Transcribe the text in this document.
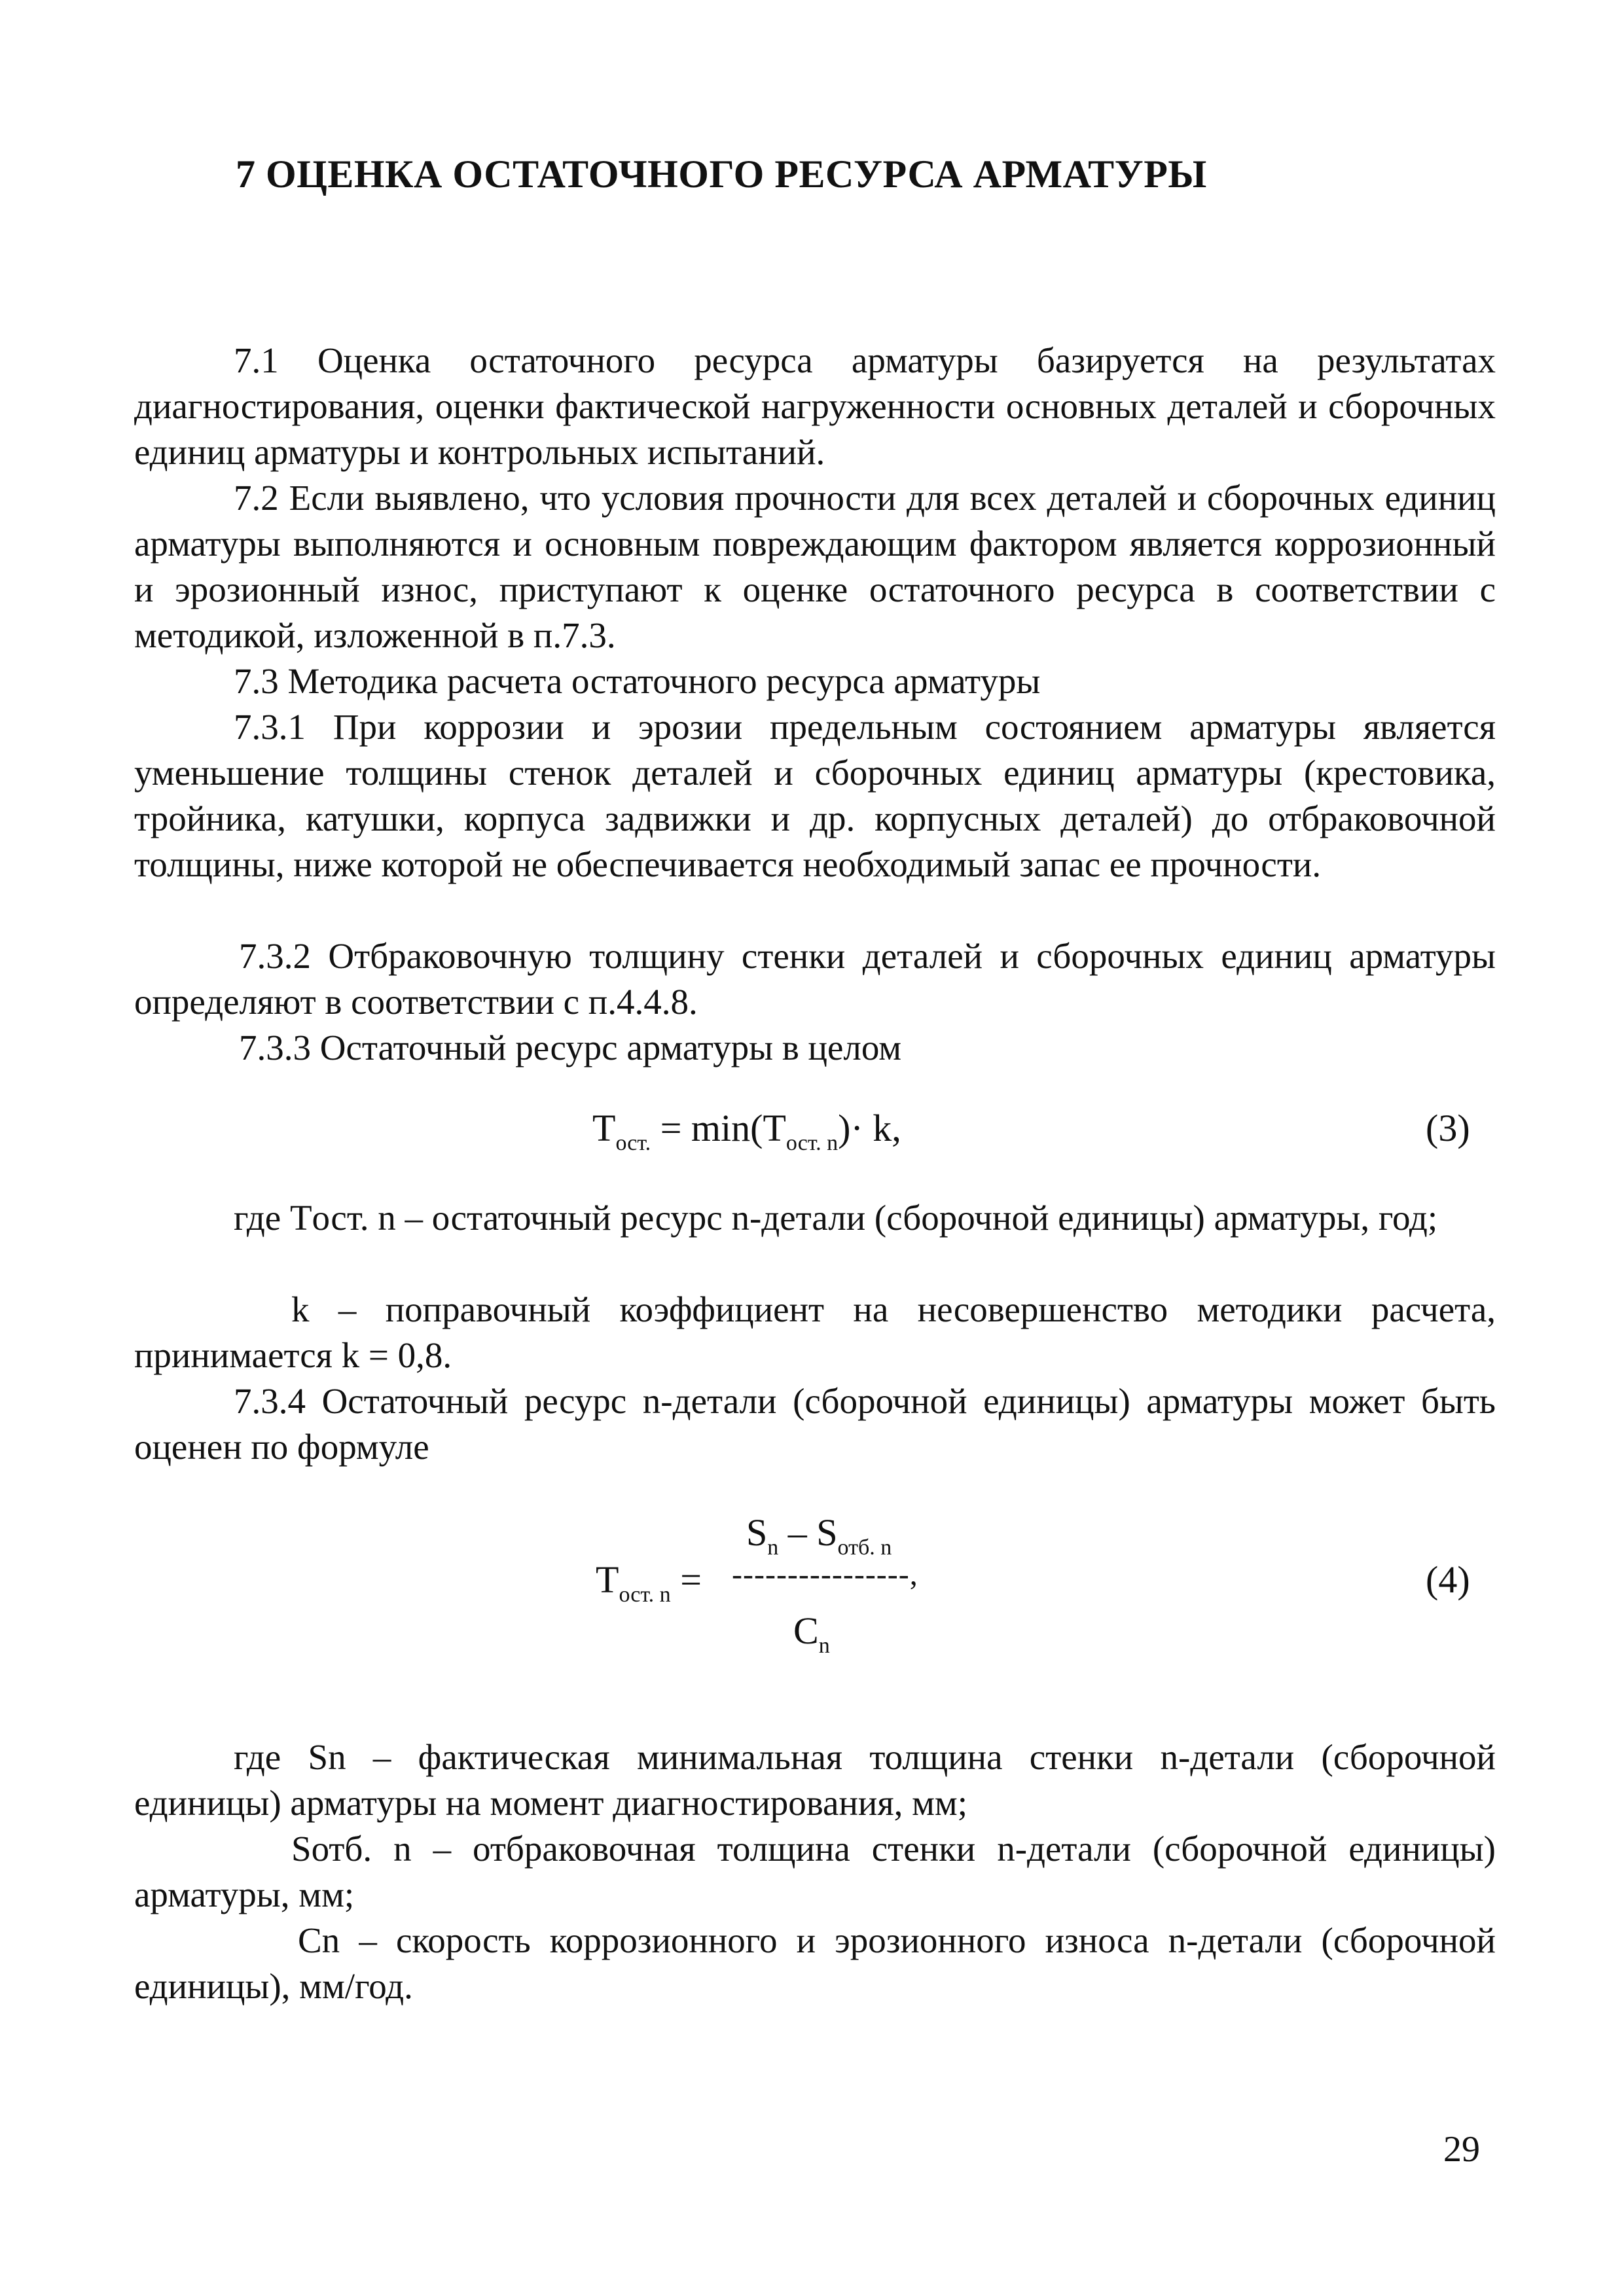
7 ОЦЕНКА ОСТАТОЧНОГО РЕСУРСА АРМАТУРЫ
7.1 Оценка остаточного ресурса арматуры базируется на результатах диагностирования, оценки фактической нагруженности основных деталей и сборочных единиц арматуры и контрольных испытаний.
7.2 Если выявлено, что условия прочности для всех деталей и сборочных единиц арматуры выполняются и основным повреждающим фактором является коррозионный и эрозионный износ, приступают к оценке остаточного ресурса в соответствии с методикой, изложенной в п.7.3.
7.3 Методика расчета остаточного ресурса арматуры
7.3.1 При коррозии и эрозии предельным состоянием арматуры является уменьшение толщины стенок деталей и сборочных единиц арматуры (крестовика, тройника, катушки, корпуса задвижки и др. корпусных деталей) до отбраковочной толщины, ниже которой не обеспечивается необходимый запас ее прочности.
7.3.2 Отбраковочную толщину стенки деталей и сборочных единиц арматуры определяют в соответствии с п.4.4.8.
7.3.3 Остаточный ресурс арматуры в целом
$T_{ост.} = \min(T_{ост. n})\cdot k$,	(3)
где Tост. n – остаточный ресурс n-детали (сборочной единицы) арматуры, год;
k – поправочный коэффициент на несовершенство методики расчета, принимается k = 0,8.
7.3.4 Остаточный ресурс n-детали (сборочной единицы) арматуры может быть оценен по формуле
$S_n - S_{отб. n}$
$T_{ост. n}$ = ----------------,
$C_n$
(4)
где Sn – фактическая минимальная толщина стенки n-детали (сборочной единицы) арматуры на момент диагностирования, мм;
Sотб. n – отбраковочная толщина стенки n-детали (сборочной единицы) арматуры, мм;
Cn – скорость коррозионного и эрозионного износа n-детали (сборочной единицы), мм/год.
29
